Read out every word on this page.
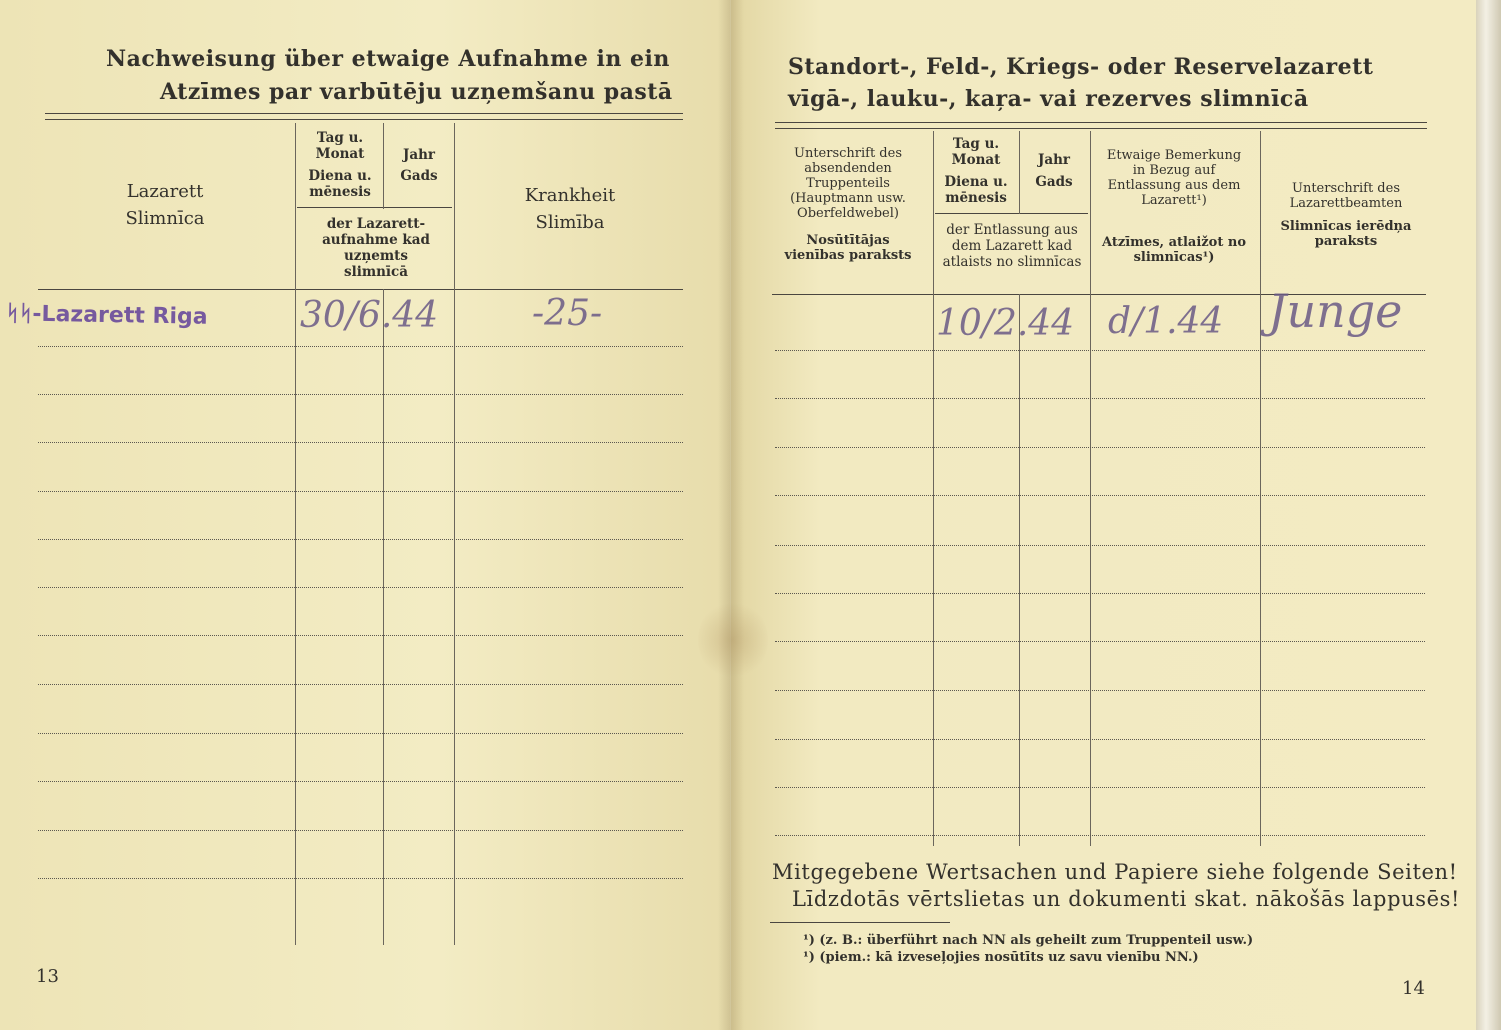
Nachweisung über etwaige Aufnahme in ein
Atzīmes par varbūtēju uzņemšanu pastā
Lazarett
Slimnīca
Tag u. Monat
Diena u. mēnesis
Jahr
Gads
der Lazarett-aufnahme kad uzņemts slimnīcā
Krankheit
Slimība
ᛋᛋ-Lazarett Riga	30/6.44	-25-
13
Standort-, Feld-, Kriegs- oder Reservelazarett
vīgā-, lauku-, kaŗa- vai rezerves slimnīcā
Unterschrift des absendenden Truppenteils (Hauptmann usw. Oberfeldwebel)
Nosūtītājas vienības paraksts
Tag u. Monat
Diena u. mēnesis
Jahr
Gads
der Entlassung aus dem Lazarett kad atlaists no slimnīcas
Etwaige Bemerkung in Bezug auf Entlassung aus dem Lazarett¹)
Atzīmes, atlaižot no slimnīcas¹)
Unterschrift des Lazarettbeamten
Slimnīcas ierēdņa paraksts
10/2.44 d/1.44 Junge
Mitgegebene Wertsachen und Papiere siehe folgende Seiten!
Līdzdotās vērtslietas un dokumenti skat. nākošās lappusēs!
¹) (z. B.: überführt nach NN als geheilt zum Truppenteil usw.)
¹) (piem.: kā izveseļojies nosūtīts uz savu vienību NN.)
14
